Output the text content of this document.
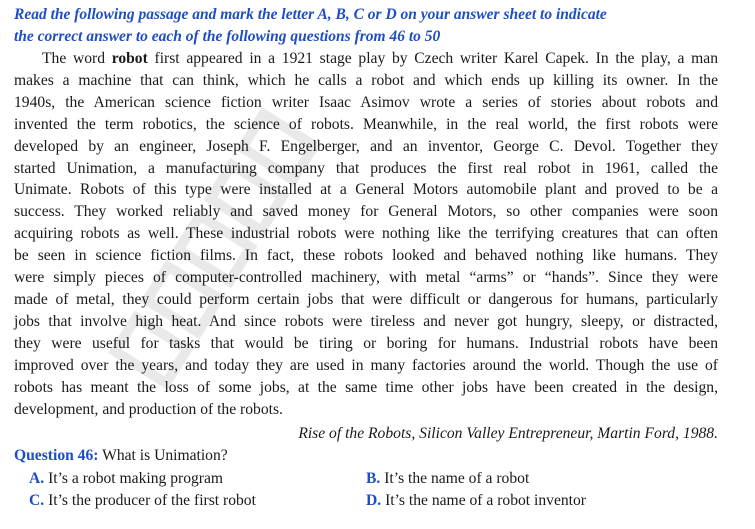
Read the following passage and mark the letter A, B, C or D on your answer sheet to indicate
the correct answer to each of the following questions from 46 to 50
The word robot first appeared in a 1921 stage play by Czech writer Karel Capek. In the play, a man
makes a machine that can think, which he calls a robot and which ends up killing its owner. In the
1940s, the American science fiction writer Isaac Asimov wrote a series of stories about robots and
invented the term robotics, the science of robots. Meanwhile, in the real world, the first robots were
developed by an engineer, Joseph F. Engelberger, and an inventor, George C. Devol. Together they
started Unimation, a manufacturing company that produces the first real robot in 1961, called the
Unimate. Robots of this type were installed at a General Motors automobile plant and proved to be a
success. They worked reliably and saved money for General Motors, so other companies were soon
acquiring robots as well. These industrial robots were nothing like the terrifying creatures that can often
be seen in science fiction films. In fact, these robots looked and behaved nothing like humans. They
were simply pieces of computer-controlled machinery, with metal “arms” or “hands”. Since they were
made of metal, they could perform certain jobs that were difficult or dangerous for humans, particularly
jobs that involve high heat. And since robots were tireless and never got hungry, sleepy, or distracted,
they were useful for tasks that would be tiring or boring for humans. Industrial robots have been
improved over the years, and today they are used in many factories around the world. Though the use of
robots has meant the loss of some jobs, at the same time other jobs have been created in the design,
development, and production of the robots.
Rise of the Robots, Silicon Valley Entrepreneur, Martin Ford, 1988.
Question 46: What is Unimation?
A. It’s a robot making program	B. It’s the name of a robot
C. It’s the producer of the first robot	D. It’s the name of a robot inventor
